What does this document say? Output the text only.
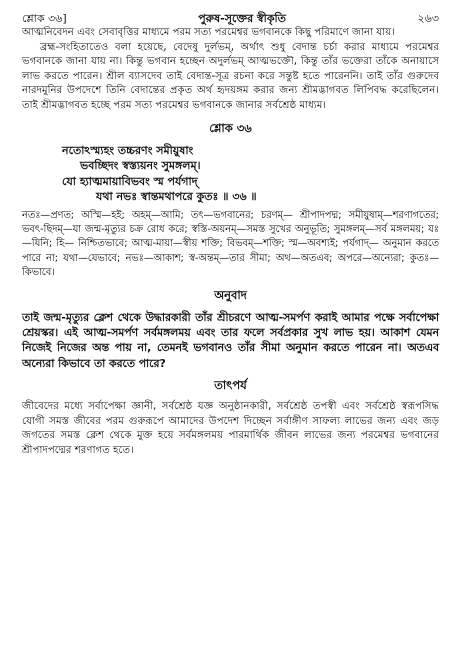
শ্লোক ৩৬]	পুরুষ-সূক্তের স্বীকৃতি	২৬৩

আত্মনিবেদন এবং সেবাবৃত্তির মাধ্যমে পরম সত্য পরমেশ্বর ভগবানকে কিছু পরিমাণে জানা যায়।

ব্রহ্ম-সংহিতাতেও বলা হয়েছে, বেদেষু দুর্লভম্, অর্থাৎ শুধু বেদান্ত চর্চা করার মাধ্যমে পরমেশ্বর ভগবানকে জানা যায় না। কিন্তু ভগবান হচ্ছেন অদুর্লভম্ আত্মভক্তৌ, কিন্তু তাঁর ভক্তেরা তাঁকে অনায়াসে লাভ করতে পারেন। শ্রীল ব্যাসদেব তাই বেদান্ত-সূত্র রচনা করে সন্তুষ্ট হতে পারেননি। তাই তাঁর গুরুদেব নারদমুনির উপদেশে তিনি বেদান্তের প্রকৃত অর্থ হৃদয়ঙ্গম করার জন্য শ্রীমদ্ভাগবত লিপিবদ্ধ করেছিলেন। তাই শ্রীমদ্ভাগবত হচ্ছে পরম সত্য পরমেশ্বর ভগবানকে জানার সর্বশ্রেষ্ঠ মাধ্যম।

শ্লোক ৩৬
নতোঽস্ম্যহং তচ্চরণং সমীয়ুষাং
ভবচ্ছিদং স্বস্ত্যয়নং সুমঙ্গলম্।
যো হ্যাত্মমায়াবিভবং স্ম পর্যগাদ্
যথা নভঃ স্বান্তমথাপরে কুতঃ ॥ ৩৬ ॥

নতঃ—প্রণত; অস্মি—হই; অহম্—আমি; তৎ—ভগবানের; চরণম্— শ্রীপাদপদ্ম; সমীয়ুষাম্—শরণাগতের; ভবৎ-ছিদম্—যা জন্ম-মৃত্যুর চক্র রোধ করে; স্বস্তি-অয়নম্—সমস্ত সুখের অনুভূতি; সুমঙ্গলম্—সর্ব মঙ্গলময়; যঃ—যিনি; হি— নিশ্চিতভাবে; আত্ম-মায়া—স্বীয় শক্তি; বিভবম্—শক্তি; স্ম—অবশ্যই; পর্যগাদ্— অনুমান করতে পারে না; যথা—যেভাবে; নভঃ—আকাশ; স্ব-অন্তম্—তার সীমা; অথ—অতএব; অপরে—অন্যেরা; কুতঃ—কিভাবে।

অনুবাদ

তাই জন্ম-মৃত্যুর ক্লেশ থেকে উদ্ধারকারী তাঁর শ্রীচরণে আত্ম-সমর্পণ করাই আমার পক্ষে সর্বাপেক্ষা শ্রেয়স্কর। এই আত্ম-সমর্পণ সর্বমঙ্গলময় এবং তার ফলে সর্বপ্রকার সুখ লাভ হয়। আকাশ যেমন নিজেই নিজের অন্ত পায় না, তেমনই ভগবানও তাঁর সীমা অনুমান করতে পারেন না। অতএব অন্যেরা কিভাবে তা করতে পারে?

তাৎপর্য

জীবেদের মধ্যে সর্বাপেক্ষা জ্ঞানী, সর্বশ্রেষ্ঠ যজ্ঞ অনুষ্ঠানকারী, সর্বশ্রেষ্ঠ তপস্বী এবং সর্বশ্রেষ্ঠ স্বরূপসিদ্ধ যোগী সমস্ত জীবের পরম গুরুরূপে আমাদের উপদেশ দিচ্ছেন সর্বাঙ্গীণ সাফল্য লাভের জন্য এবং জড় জগতের সমস্ত ক্লেশ থেকে মুক্ত হয়ে সর্বমঙ্গলময় পারমার্থিক জীবন লাভের জন্য পরমেশ্বর ভগবানের শ্রীপাদপদ্মের শরণাগত হতে।
